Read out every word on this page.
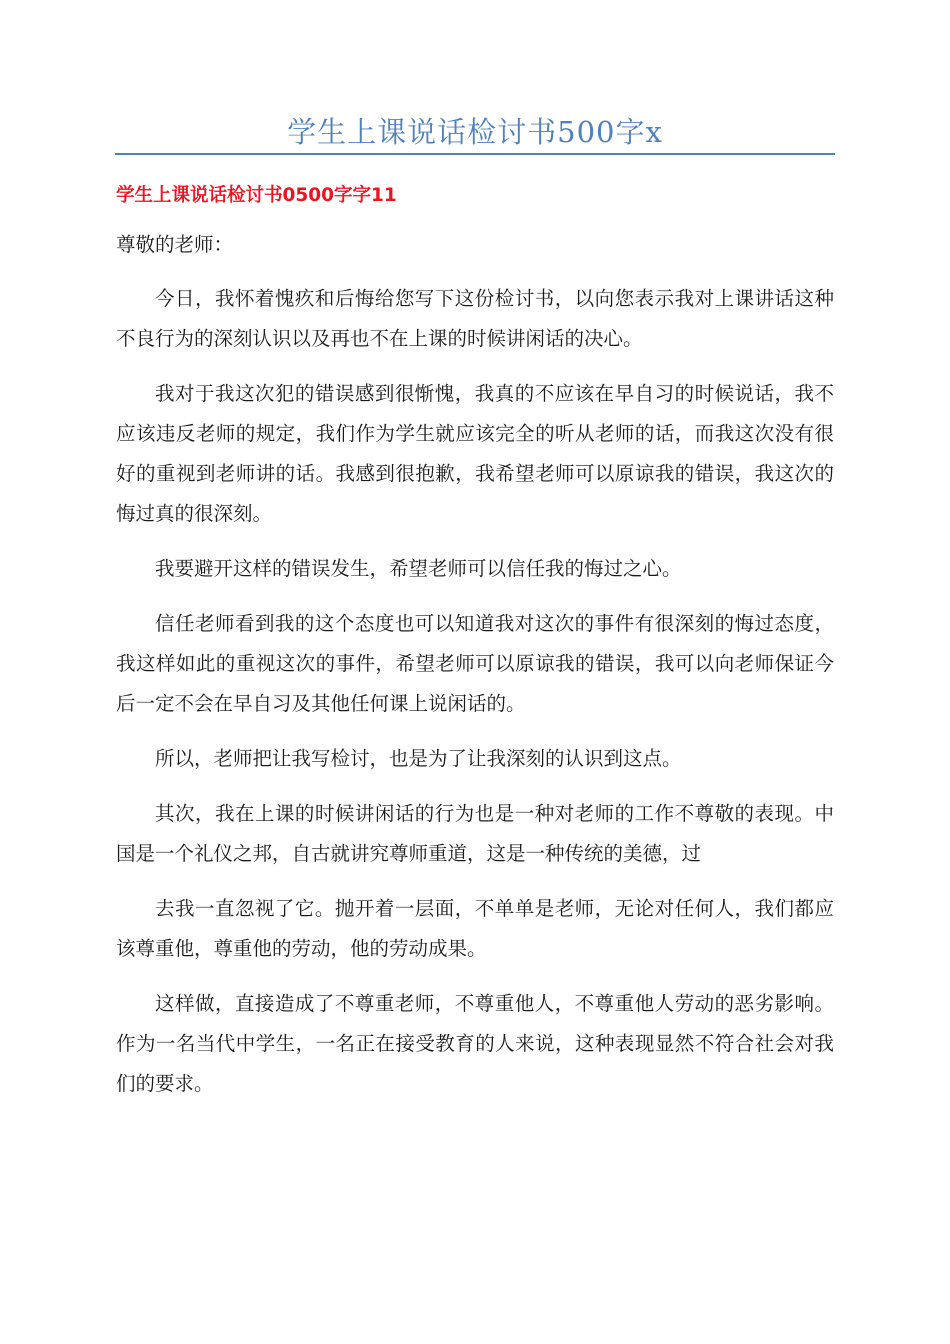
学生上课说话检讨书500字x
学生上课说话检讨书0500字字11

尊敬的老师：

今日，我怀着愧疚和后悔给您写下这份检讨书，以向您表示我对上课讲话这种不良行为的深刻认识以及再也不在上课的时候讲闲话的决心。

我对于我这次犯的错误感到很惭愧，我真的不应该在早自习的时候说话，我不应该违反老师的规定，我们作为学生就应该完全的听从老师的话，而我这次没有很好的重视到老师讲的话。我感到很抱歉，我希望老师可以原谅我的错误，我这次的悔过真的很深刻。

我要避开这样的错误发生，希望老师可以信任我的悔过之心。

信任老师看到我的这个态度也可以知道我对这次的事件有很深刻的悔过态度，我这样如此的重视这次的事件，希望老师可以原谅我的错误，我可以向老师保证今后一定不会在早自习及其他任何课上说闲话的。

所以，老师把让我写检讨，也是为了让我深刻的认识到这点。

其次，我在上课的时候讲闲话的行为也是一种对老师的工作不尊敬的表现。中国是一个礼仪之邦，自古就讲究尊师重道，这是一种传统的美德，过

去我一直忽视了它。抛开着一层面，不单单是老师，无论对任何人，我们都应该尊重他，尊重他的劳动，他的劳动成果。

这样做，直接造成了不尊重老师，不尊重他人，不尊重他人劳动的恶劣影响。作为一名当代中学生，一名正在接受教育的人来说，这种表现显然不符合社会对我们的要求。
